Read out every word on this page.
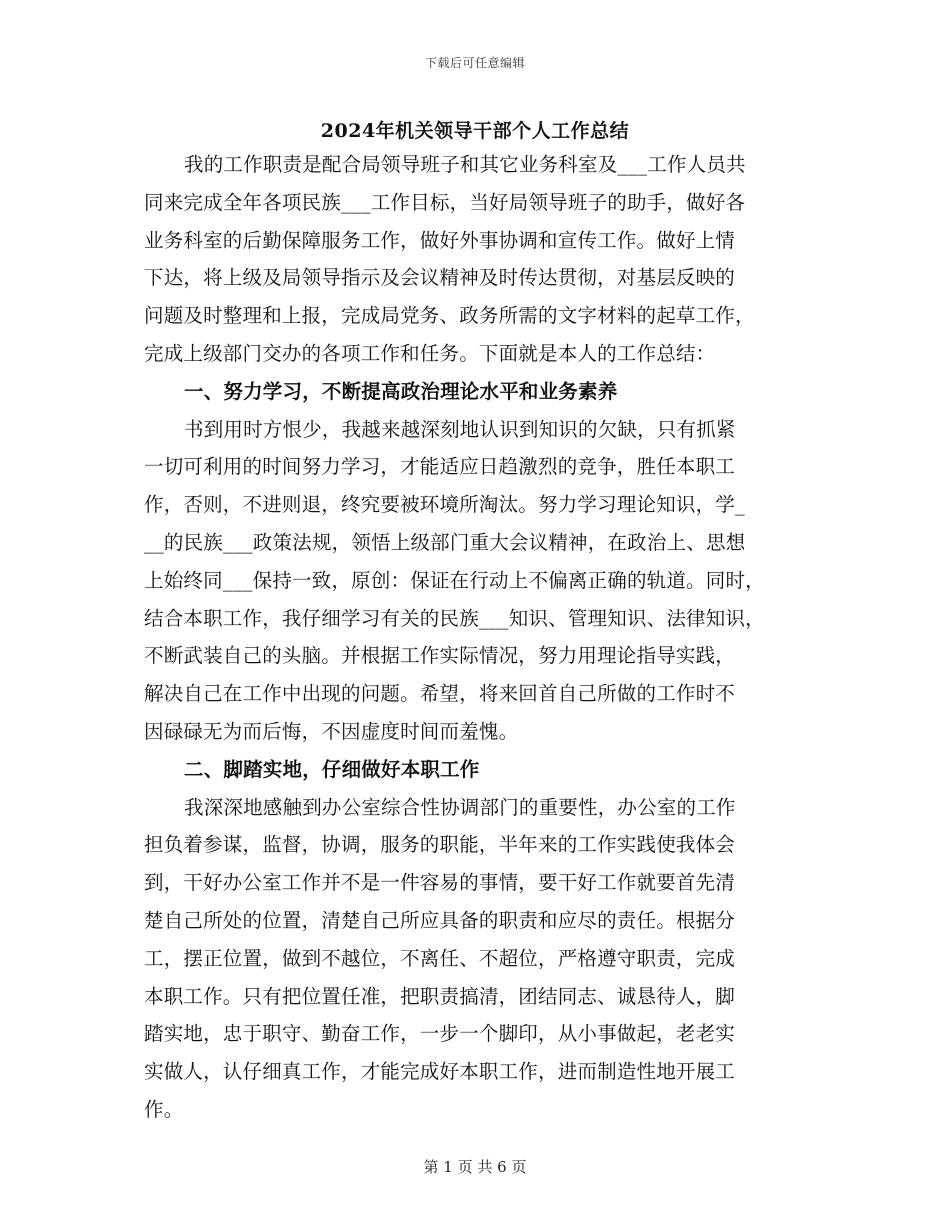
下载后可任意编辑
2024年机关领导干部个人工作总结
我的工作职责是配合局领导班子和其它业务科室及___工作人员共
同来完成全年各项民族___工作目标，当好局领导班子的助手，做好各
业务科室的后勤保障服务工作，做好外事协调和宣传工作。做好上情
下达，将上级及局领导指示及会议精神及时传达贯彻，对基层反映的
问题及时整理和上报，完成局党务、政务所需的文字材料的起草工作，
完成上级部门交办的各项工作和任务。下面就是本人的工作总结：
一、努力学习，不断提高政治理论水平和业务素养
书到用时方恨少，我越来越深刻地认识到知识的欠缺，只有抓紧
一切可利用的时间努力学习，才能适应日趋激烈的竞争，胜任本职工
作，否则，不进则退，终究要被环境所淘汰。努力学习理论知识，学_
__的民族___政策法规，领悟上级部门重大会议精神，在政治上、思想
上始终同___保持一致，原创：保证在行动上不偏离正确的轨道。同时，
结合本职工作，我仔细学习有关的民族___知识、管理知识、法律知识，
不断武装自己的头脑。并根据工作实际情况，努力用理论指导实践，
解决自己在工作中出现的问题。希望，将来回首自己所做的工作时不
因碌碌无为而后悔，不因虚度时间而羞愧。
二、脚踏实地，仔细做好本职工作
我深深地感触到办公室综合性协调部门的重要性，办公室的工作
担负着参谋，监督，协调，服务的职能，半年来的工作实践使我体会
到，干好办公室工作并不是一件容易的事情，要干好工作就要首先清
楚自己所处的位置，清楚自己所应具备的职责和应尽的责任。根据分
工，摆正位置，做到不越位，不离任、不超位，严格遵守职责，完成
本职工作。只有把位置任准，把职责搞清，团结同志、诚恳待人，脚
踏实地，忠于职守、勤奋工作，一步一个脚印，从小事做起，老老实
实做人，认仔细真工作，才能完成好本职工作，进而制造性地开展工
作。
第 1 页 共 6 页
